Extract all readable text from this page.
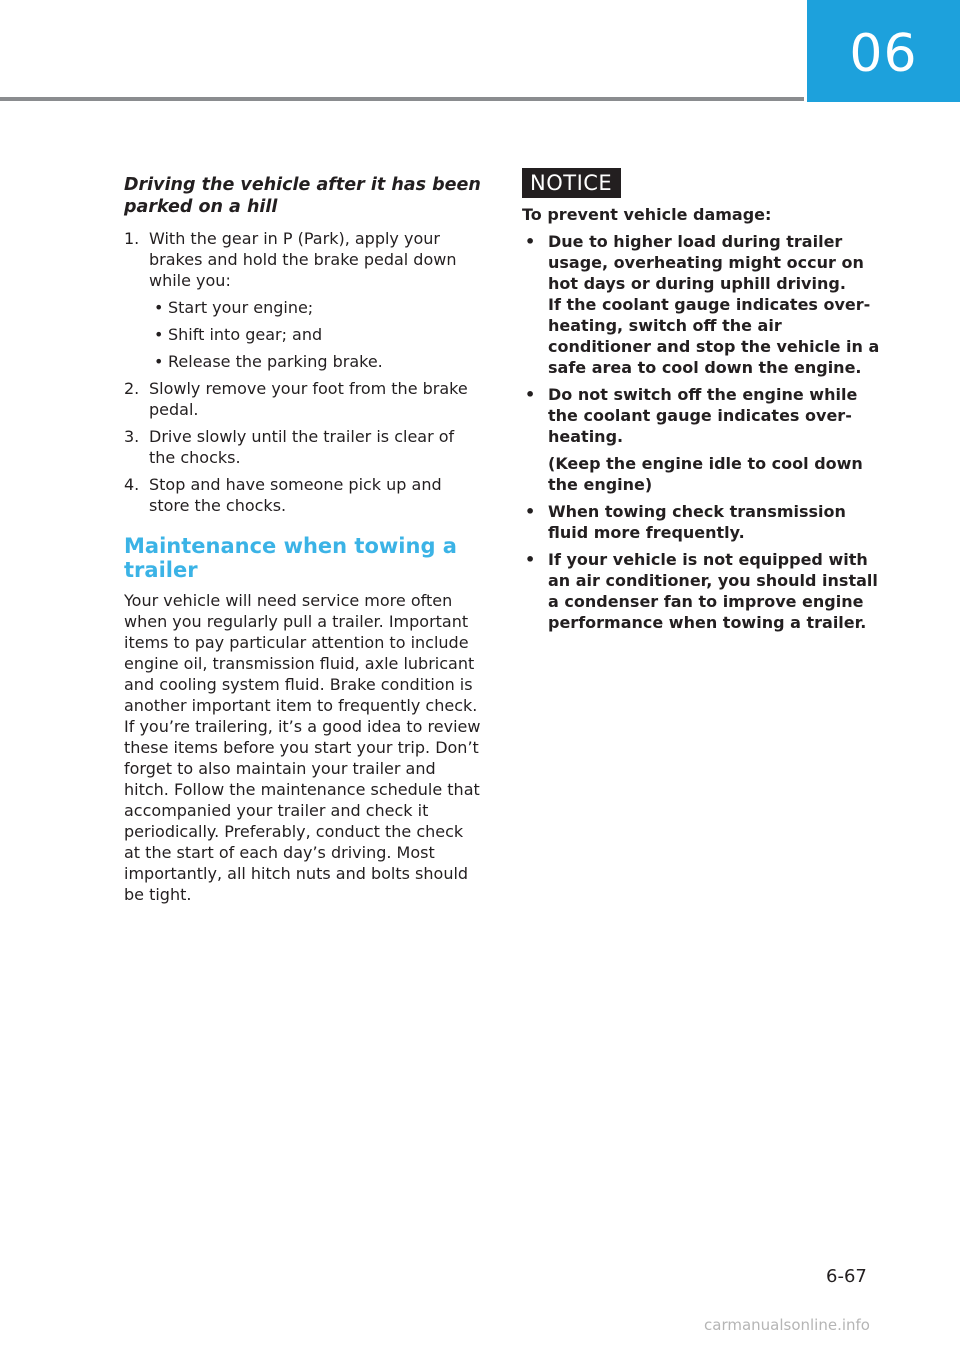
06
Driving the vehicle after it has been parked on a hill
1. With the gear in P (Park), apply your brakes and hold the brake pedal down while you:
• Start your engine;
• Shift into gear; and
• Release the parking brake.
2. Slowly remove your foot from the brake pedal.
3. Drive slowly until the trailer is clear of the chocks.
4. Stop and have someone pick up and store the chocks.
Maintenance when towing a trailer

Your vehicle will need service more often when you regularly pull a trailer. Important items to pay particular attention to include engine oil, transmission fluid, axle lubricant and cooling system fluid. Brake condition is another important item to frequently check. If you’re trailering, it’s a good idea to review these items before you start your trip. Don’t forget to also maintain your trailer and hitch. Follow the maintenance schedule that accompanied your trailer and check it periodically. Preferably, conduct the check at the start of each day’s driving. Most importantly, all hitch nuts and bolts should be tight.

NOTICE

To prevent vehicle damage:

• Due to higher load during trailer usage, overheating might occur on hot days or during uphill driving.
If the coolant gauge indicates over-heating, switch off the air conditioner and stop the vehicle in a safe area to cool down the engine.
• Do not switch off the engine while the coolant gauge indicates over-heating.
(Keep the engine idle to cool down the engine)
• When towing check transmission fluid more frequently.
• If your vehicle is not equipped with an air conditioner, you should install a condenser fan to improve engine performance when towing a trailer.
6-67
carmanualsonline.info
